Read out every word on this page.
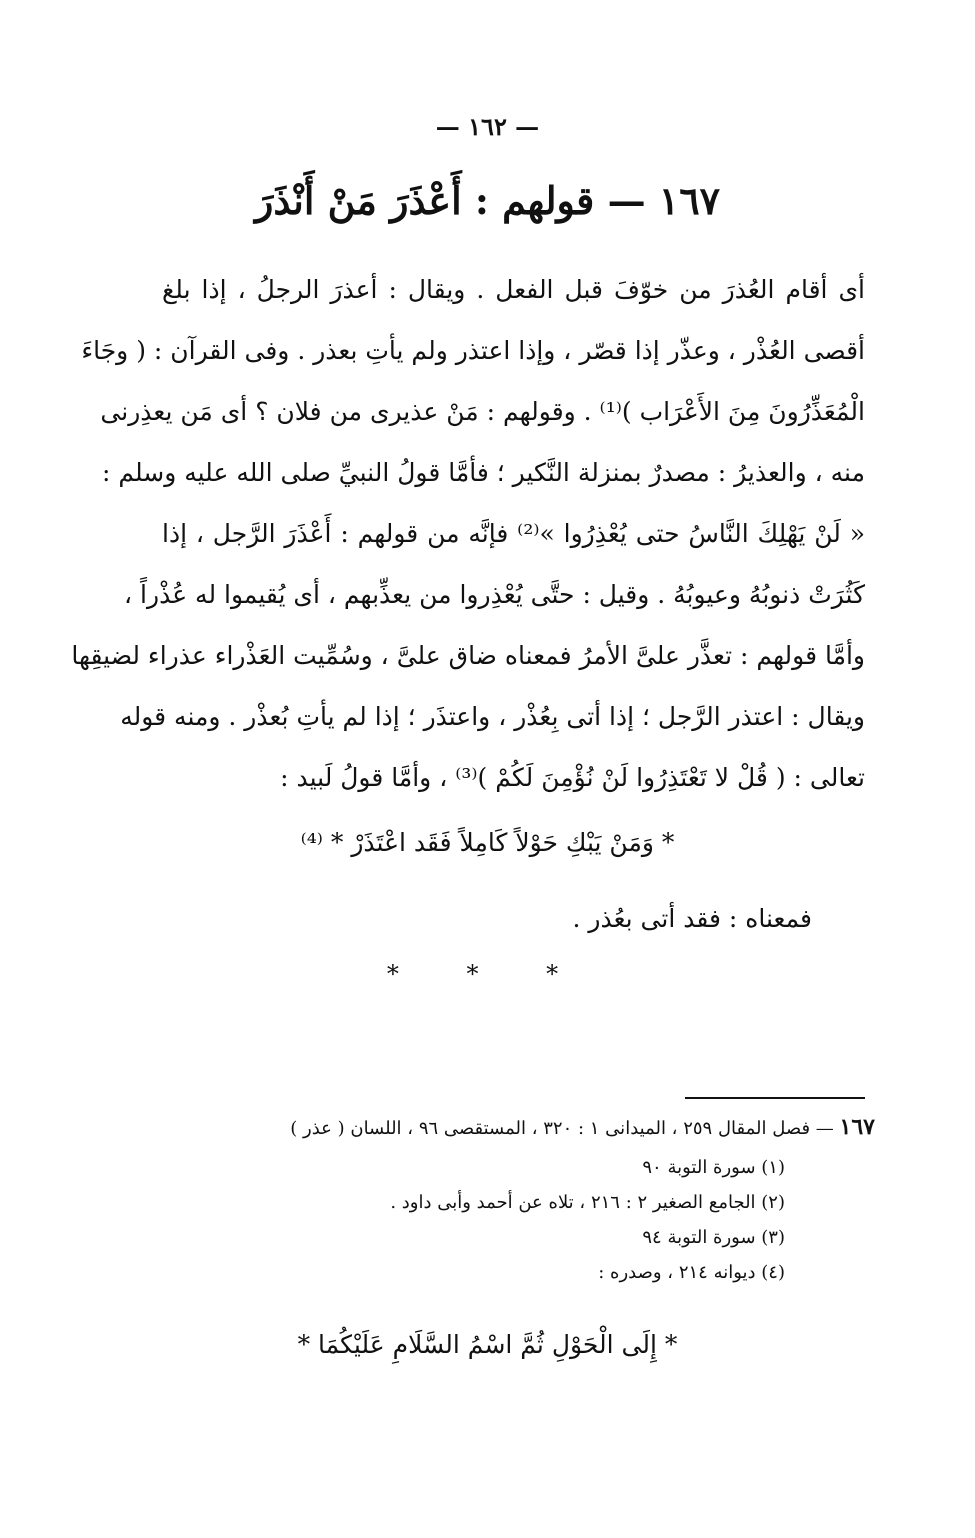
— ١٦٢ —
١٦٧ — قولهم : أَعْذَرَ مَنْ أَنْذَرَ
أى أقام العُذرَ من خوّفَ قبل الفعل . ويقال : أعذرَ الرجلُ ، إذا بلغ
أقصى العُذْر ، وعذّر إذا قصّر ، وإذا اعتذر ولم يأتِ بعذر . وفى القرآن : ( وجَاءَ
الْمُعَذِّرُونَ مِنَ الأَعْرَاب )⁽¹⁾ . وقولهم : مَنْ عذيرى من فلان ؟ أى مَن يعذِرنى
منه ، والعذيرُ : مصدرٌ بمنزلة النَّكير ؛ فأمَّا قولُ النبيِّ صلى الله عليه وسلم :
« لَنْ يَهْلِكَ النَّاسُ حتى يُعْذِرُوا »⁽²⁾ فإنَّه من قولهم : أَعْذَرَ الرَّجل ، إذا
كَثُرَتْ ذنوبُهُ وعيوبُهُ . وقيل : حتَّى يُعْذِروا من يعذِّبهم ، أى يُقيموا له عُذْراً ،
وأمَّا قولهم : تعذَّر علىَّ الأمرُ فمعناه ضاق علىَّ ، وسُمِّيت العَذْراء عذراء لضيقِها
ويقال : اعتذر الرَّجل ؛ إذا أتى بِعُذْر ، واعتذَر ؛ إذا لم يأتِ بُعذْر . ومنه قوله
تعالى : ( قُلْ لا تَعْتَذِرُوا لَنْ نُؤْمِنَ لَكُمْ )⁽³⁾ ، وأمَّا قولُ لَبيد :
* وَمَنْ يَبْكِ حَوْلاً كَامِلاً فَقَد اعْتَذَرْ * ⁽⁴⁾
فمعناه : فقد أتى بعُذر .
* * *
١٦٧ — فصل المقال ٢٥٩ ، الميدانى ١ : ٣٢٠ ، المستقصى ٩٦ ، اللسان ( عذر )
(١) سورة التوبة ٩٠
(٢) الجامع الصغير ٢ : ٢١٦ ، تلاه عن أحمد وأبى داود .
(٣) سورة التوبة ٩٤
(٤) ديوانه ٢١٤ ، وصدره :
* إِلَى الْحَوْلِ ثُمَّ اسْمُ السَّلَامِ عَلَيْكُمَا *
